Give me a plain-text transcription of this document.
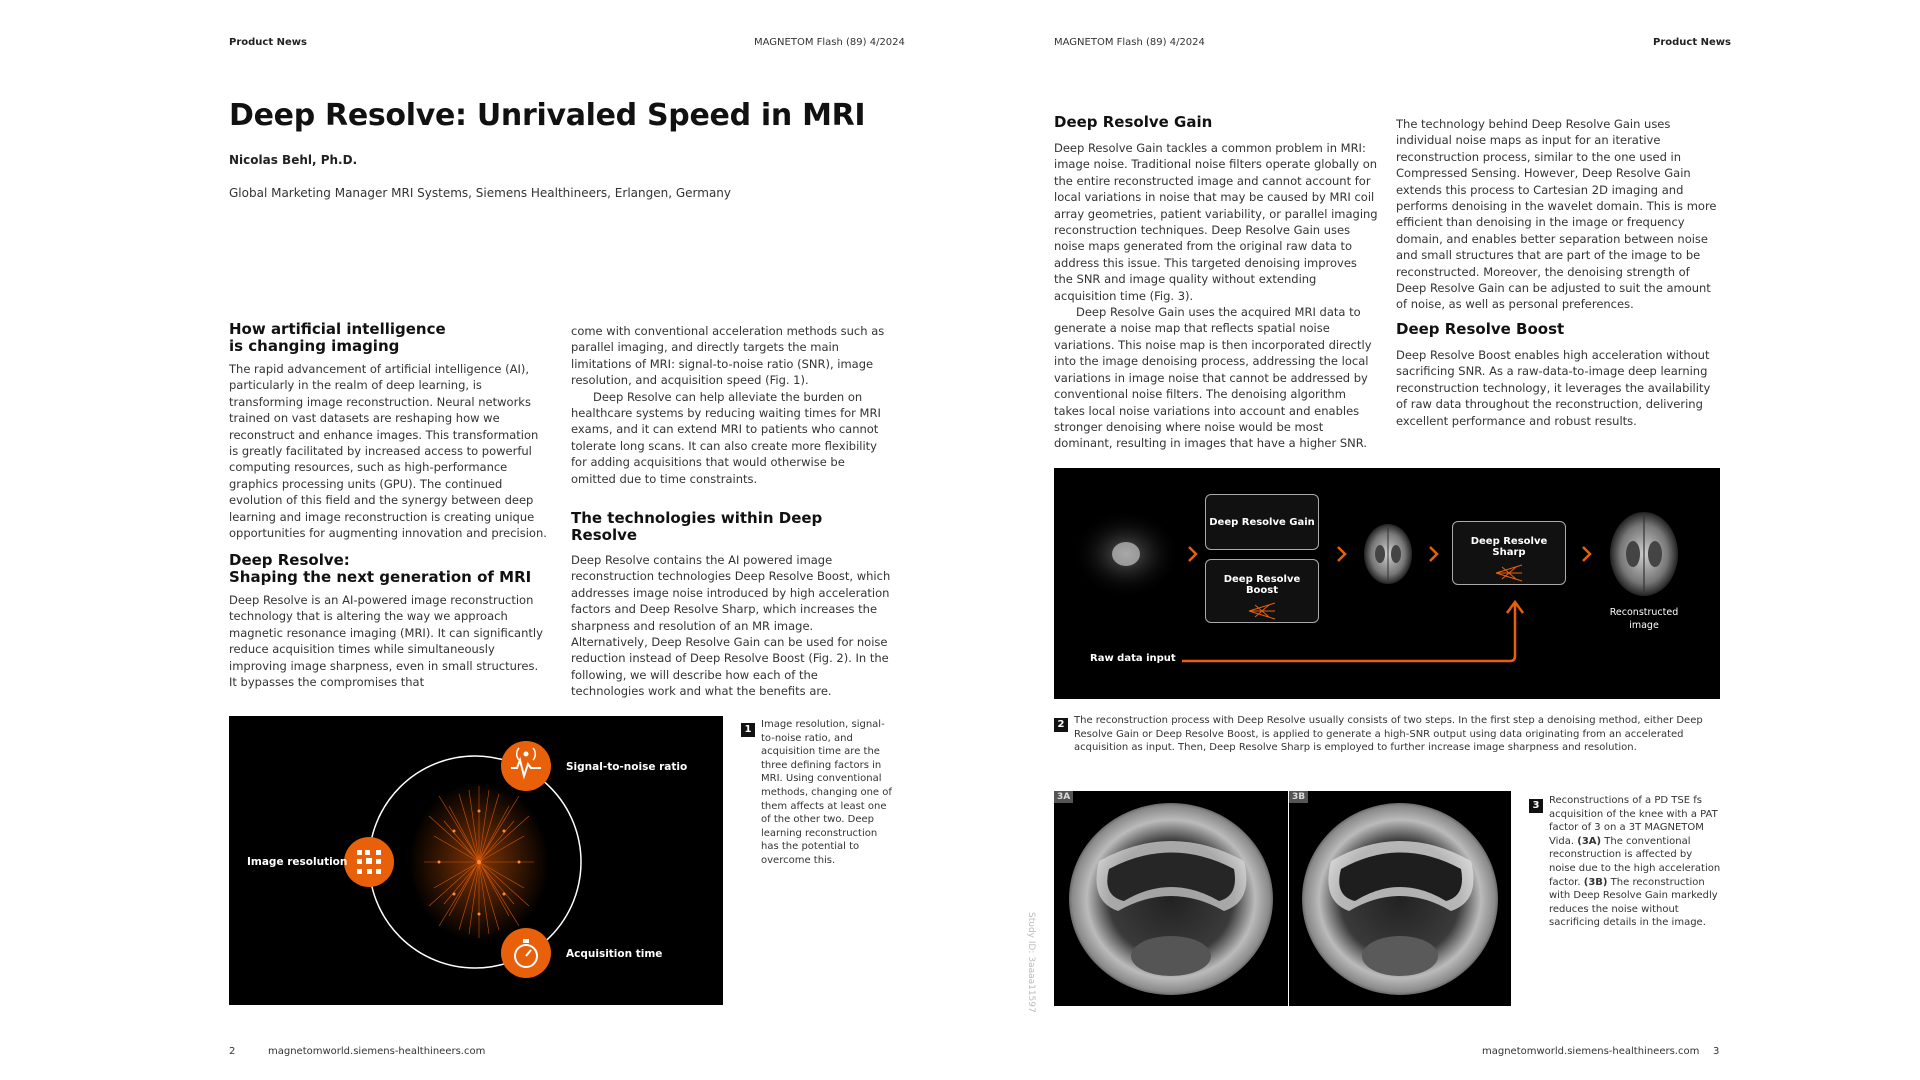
Product News	MAGNETOM Flash (89) 4/2024
Deep Resolve: Unrivaled Speed in MRI
Nicolas Behl, Ph.D.
Global Marketing Manager MRI Systems, Siemens Healthineers, Erlangen, Germany
How artificial intelligence
is changing imaging

The rapid advancement of artificial intelligence (AI), particularly in the realm of deep learning, is transforming image reconstruction. Neural networks trained on vast datasets are reshaping how we reconstruct and enhance images. This transformation is greatly facilitated by increased access to powerful computing resources, such as high-performance graphics processing units (GPU). The continued evolution of this field and the synergy between deep learning and image reconstruction is creating unique opportunities for augmenting innovation and precision.

Deep Resolve:
Shaping the next generation of MRI

Deep Resolve is an AI-powered image reconstruction technology that is altering the way we approach magnetic resonance imaging (MRI). It can significantly reduce acquisition times while simultaneously improving image sharpness, even in small structures. It bypasses the compromises that

come with conventional acceleration methods such as parallel imaging, and directly targets the main limitations of MRI: signal-to-noise ratio (SNR), image resolution, and acquisition speed (Fig. 1).

Deep Resolve can help alleviate the burden on healthcare systems by reducing waiting times for MRI exams, and it can extend MRI to patients who cannot tolerate long scans. It can also create more flexibility for adding acquisitions that would otherwise be omitted due to time constraints.

The technologies within Deep Resolve

Deep Resolve contains the AI powered image reconstruction technologies Deep Resolve Boost, which addresses image noise introduced by high acceleration factors and Deep Resolve Sharp, which increases the sharpness and resolution of an MR image. Alternatively, Deep Resolve Gain can be used for noise reduction instead of Deep Resolve Boost (Fig. 2). In the following, we will describe how each of the technologies work and what the benefits are.

Signal-to-noise ratio
Image resolution
Acquisition time
1 Image resolution, signal-to-noise ratio, and acquisition time are the three defining factors in MRI. Using conventional methods, changing one of them affects at least one of the other two. Deep learning reconstruction has the potential to overcome this.
2	magnetomworld.siemens-healthineers.com
MAGNETOM Flash (89) 4/2024	Product News
Deep Resolve Gain

Deep Resolve Gain tackles a common problem in MRI: image noise. Traditional noise filters operate globally on the entire reconstructed image and cannot account for local variations in noise that may be caused by MRI coil array geometries, patient variability, or parallel imaging reconstruction techniques. Deep Resolve Gain uses noise maps generated from the original raw data to address this issue. This targeted denoising improves the SNR and image quality without extending acquisition time (Fig. 3).

Deep Resolve Gain uses the acquired MRI data to generate a noise map that reflects spatial noise variations. This noise map is then incorporated directly into the image denoising process, addressing the local variations in image noise that cannot be addressed by conventional noise filters. The denoising algorithm takes local noise variations into account and enables stronger denoising where noise would be most dominant, resulting in images that have a higher SNR.

The technology behind Deep Resolve Gain uses individual noise maps as input for an iterative reconstruction process, similar to the one used in Compressed Sensing. However, Deep Resolve Gain extends this process to Cartesian 2D imaging and performs denoising in the wavelet domain. This is more efficient than denoising in the image or frequency domain, and enables better separation between noise and small structures that are part of the image to be reconstructed. Moreover, the denoising strength of Deep Resolve Gain can be adjusted to suit the amount of noise, as well as personal preferences.

Deep Resolve Boost

Deep Resolve Boost enables high acceleration without sacrificing SNR. As a raw-data-to-image deep learning reconstruction technology, it leverages the availability of raw data throughout the reconstruction, delivering excellent performance and robust results.

Deep Resolve Gain
Deep Resolve Boost
Deep Resolve Sharp
Raw data input
Reconstructed
image
2 The reconstruction process with Deep Resolve usually consists of two steps. In the first step a denoising method, either Deep Resolve Gain or Deep Resolve Boost, is applied to generate a high-SNR output using data originating from an accelerated acquisition as input. Then, Deep Resolve Sharp is employed to further increase image sharpness and resolution.
3A	3B
Study ID: 3aaaa11597
3 Reconstructions of a PD TSE fs acquisition of the knee with a PAT factor of 3 on a 3T MAGNETOM Vida. (3A) The conventional reconstruction is affected by noise due to the high acceleration factor. (3B) The reconstruction with Deep Resolve Gain markedly reduces the noise without sacrificing details in the image.
magnetomworld.siemens-healthineers.com 3
